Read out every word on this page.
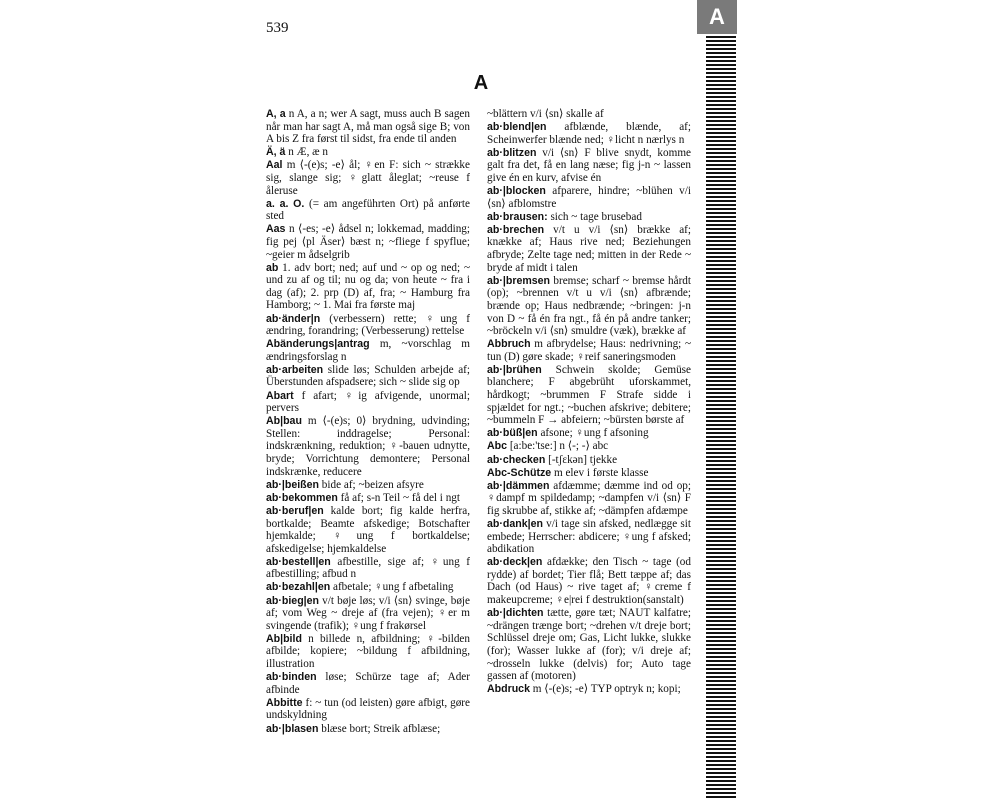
539	A
A
A, a n A, a n; wer A sagt, muss auch B sagen når man har sagt A, må man også sige B; von A bis Z fra først til sidst, fra ende til anden
Ä, ä n Æ, æ n
Aal m ⟨-(e)s; -e⟩ ål; ♀en F: sich ~ strække sig, slange sig; ♀glatt åleglat; ~reuse f åleruse
a. a. O. (= am angeführten Ort) på anførte sted
Aas n ⟨-es; -e⟩ ådsel n; lokkemad, madding; fig pej ⟨pl Äser⟩ bæst n; ~fliege f spyflue; ~geier m ådselgrib
ab 1. adv bort; ned; auf und ~ op og ned; ~ und zu af og til; nu og da; von heute ~ fra i dag (af); 2. prp (D) af, fra; ~ Hamburg fra Hamborg; ~ 1. Mai fra første maj
ab·änder|n (verbessern) rette; ♀ung f ændring, forandring; (Verbesserung) rettelse
Abänderungs|antrag m, ~vorschlag m ændringsforslag n
ab·arbeiten slide løs; Schulden arbejde af; Überstunden afspadsere; sich ~ slide sig op
Abart f afart; ♀ig afvigende, unormal; pervers
Ab|bau m ⟨-(e)s; 0⟩ brydning, udvinding; Stellen: inddragelse; Personal: indskrænkning, reduktion; ♀-bauen udnytte, bryde; Vorrichtung demontere; Personal indskrænke, reducere
ab·|beißen bide af; ~beizen afsyre
ab·bekommen få af; s-n Teil ~ få del i ngt
ab·beruf|en kalde bort; fig kalde herfra, bortkalde; Beamte afskedige; Botschafter hjemkalde; ♀ung f bortkaldelse; afskedigelse; hjemkaldelse
ab·bestell|en afbestille, sige af; ♀ung f afbestilling; afbud n
ab·bezahl|en afbetale; ♀ung f afbetaling
ab·bieg|en v/t bøje løs; v/i ⟨sn⟩ svinge, bøje af; vom Weg ~ dreje af (fra vejen); ♀er m svingende (trafik); ♀ung f frakørsel
Ab|bild n billede n, afbildning; ♀-bilden afbilde; kopiere; ~bildung f afbildning, illustration
ab·binden løse; Schürze tage af; Ader afbinde
Abbitte f: ~ tun (od leisten) gøre afbigt, gøre undskyldning
ab·|blasen blæse bort; Streik afblæse;
~blättern v/i ⟨sn⟩ skalle af
ab·blend|en afblænde, blænde, af; Scheinwerfer blænde ned; ♀licht n nærlys n
ab·blitzen v/i ⟨sn⟩ F blive snydt, komme galt fra det, få en lang næse; fig j-n ~ lassen give én en kurv, afvise én
ab·|blocken afparere, hindre; ~blühen v/i ⟨sn⟩ afblomstre
ab·brausen: sich ~ tage brusebad
ab·brechen v/t u v/i ⟨sn⟩ brække af; knække af; Haus rive ned; Beziehungen afbryde; Zelte tage ned; mitten in der Rede ~ bryde af midt i talen
ab·|bremsen bremse; scharf ~ bremse hårdt (op); ~brennen v/t u v/i ⟨sn⟩ afbrænde; brænde op; Haus nedbrænde; ~bringen: j-n von D ~ få én fra ngt., få én på andre tanker; ~bröckeln v/i ⟨sn⟩ smuldre (væk), brække af
Abbruch m afbrydelse; Haus: nedrivning; ~ tun (D) gøre skade; ♀reif saneringsmoden
ab·|brühen Schwein skolde; Gemüse blanchere; F abgebrüht uforskammet, hårdkogt; ~brummen F Strafe sidde i spjældet for ngt.; ~buchen afskrive; debitere; ~bummeln F → abfeiern; ~bürsten børste af
ab·büß|en afsone; ♀ung f afsoning
Abc [a:be:'tse:] n ⟨-; -⟩ abc
ab·checken [-tʃɛkən] tjekke
Abc-Schütze m elev i første klasse
ab·|dämmen afdæmme; dæmme ind od op; ♀dampf m spildedamp; ~dampfen v/i ⟨sn⟩ F fig skrubbe af, stikke af; ~dämpfen afdæmpe
ab·dank|en v/i tage sin afsked, nedlægge sit embede; Herrscher: abdicere; ♀ung f afsked; abdikation
ab·deck|en afdække; den Tisch ~ tage (od rydde) af bordet; Tier flå; Bett tæppe af; das Dach (od Haus) ~ rive taget af; ♀creme f makeupcreme; ♀e|rei f destruktion(sanstalt)
ab·|dichten tætte, gøre tæt; NAUT kalfatre; ~drängen trænge bort; ~drehen v/t dreje bort; Schlüssel dreje om; Gas, Licht lukke, slukke (for); Wasser lukke af (for); v/i dreje af; ~drosseln lukke (delvis) for; Auto tage gassen af (motoren)
Abdruck m ⟨-(e)s; -e⟩ TYP optryk n; kopi;
